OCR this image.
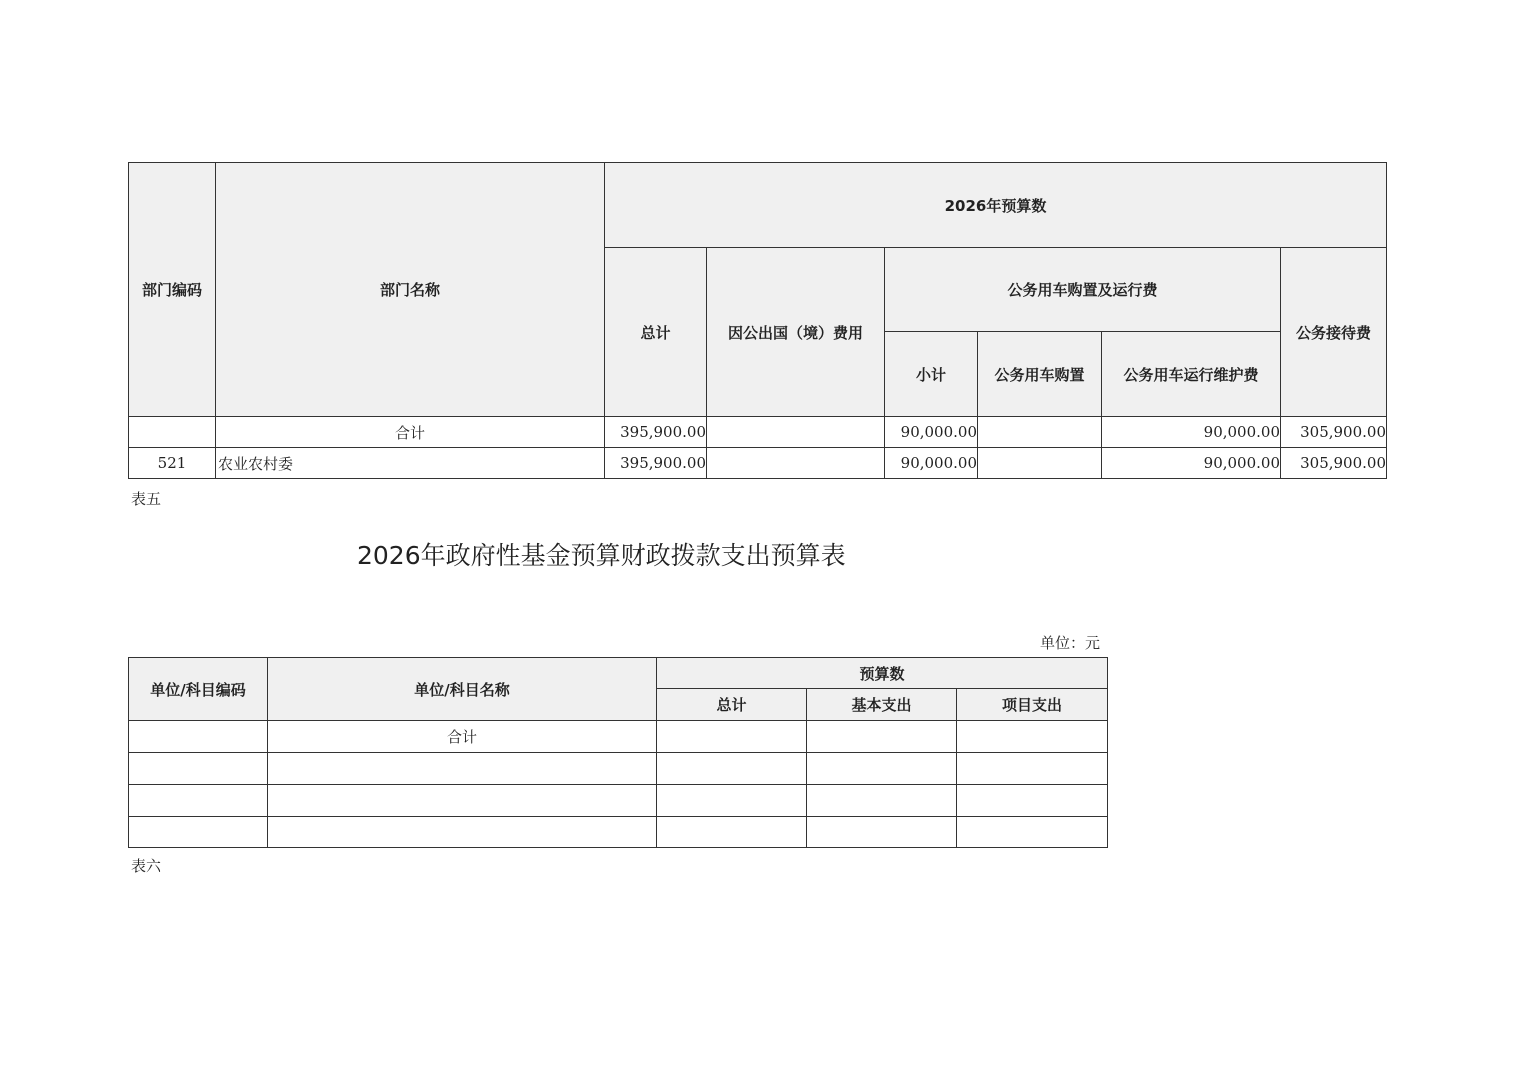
部门编码	部门名称	2026年预算数					
		总计	因公出国（境）费用	公务用车购置及运行费			公务接待费
				小计	公务用车购置	公务用车运行维护费	
	合计	395,900.00		90,000.00		90,000.00	305,900.00
521	农业农村委	395,900.00		90,000.00		90,000.00	305,900.00
表五
2026年政府性基金预算财政拨款支出预算表
单位：元
单位/科目编码	单位/科目名称	预算数		
		总计	基本支出	项目支出
	合计			

表六
